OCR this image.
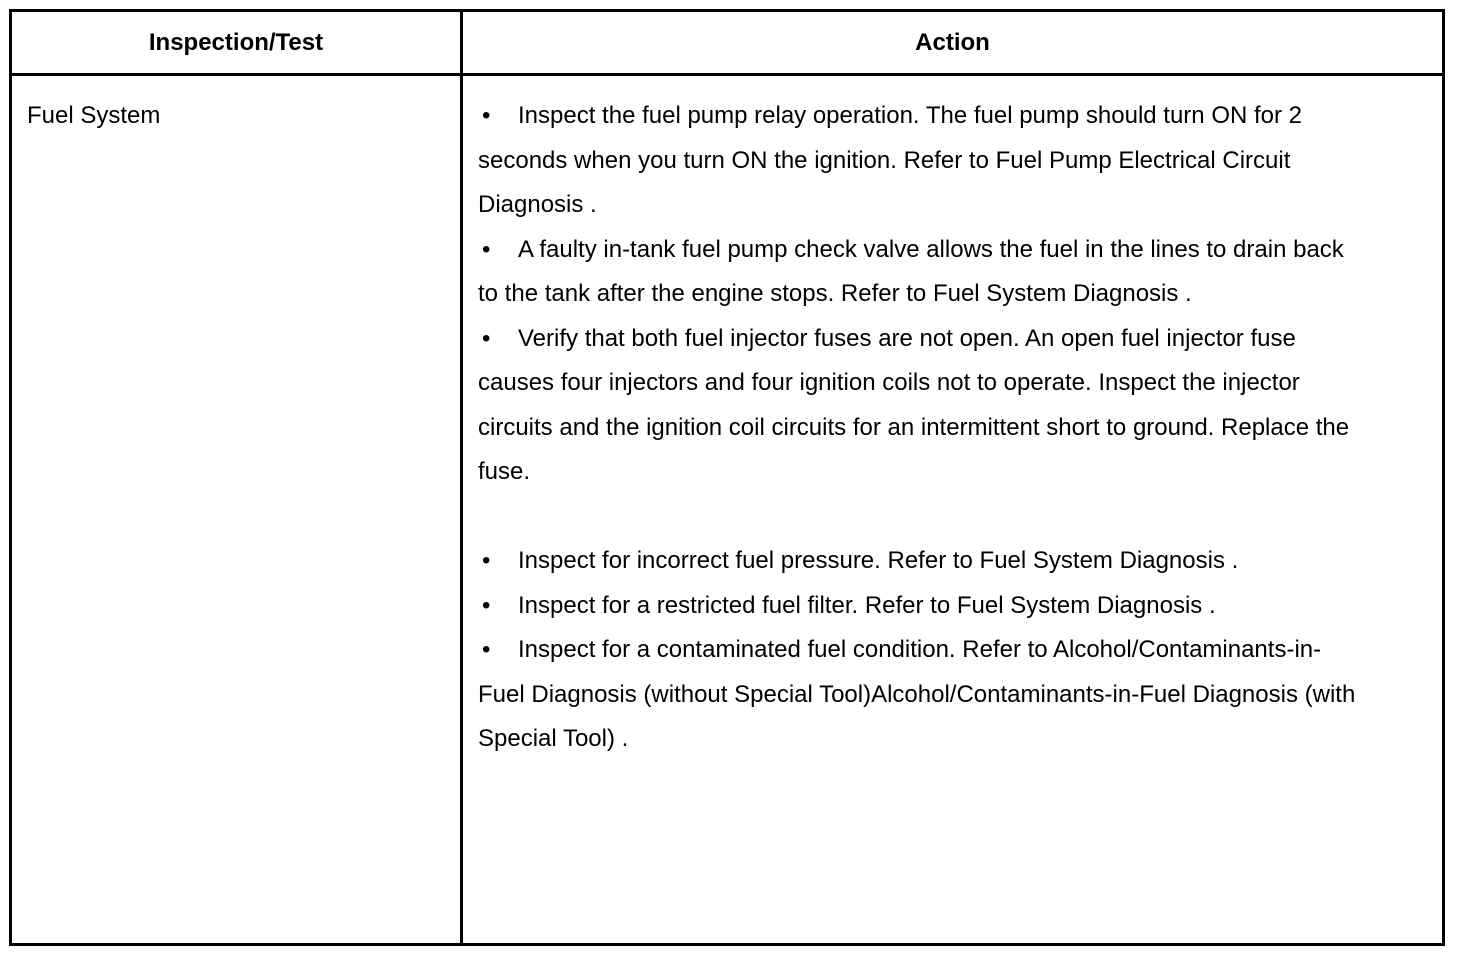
Inspection/Test	Action
Fuel System	• Inspect the fuel pump relay operation. The fuel pump should turn ON for 2 seconds when you turn ON the ignition. Refer to Fuel Pump Electrical Circuit Diagnosis .

• A faulty in-tank fuel pump check valve allows the fuel in the lines to drain back to the tank after the engine stops. Refer to Fuel System Diagnosis .

• Verify that both fuel injector fuses are not open. An open fuel injector fuse causes four injectors and four ignition coils not to operate. Inspect the injector circuits and the ignition coil circuits for an intermittent short to ground. Replace the fuse.

• Inspect for incorrect fuel pressure. Refer to Fuel System Diagnosis .

• Inspect for a restricted fuel filter. Refer to Fuel System Diagnosis .

• Inspect for a contaminated fuel condition. Refer to Alcohol/Contaminants-in-Fuel Diagnosis (without Special Tool)Alcohol/Contaminants-in-Fuel Diagnosis (with Special Tool) .
